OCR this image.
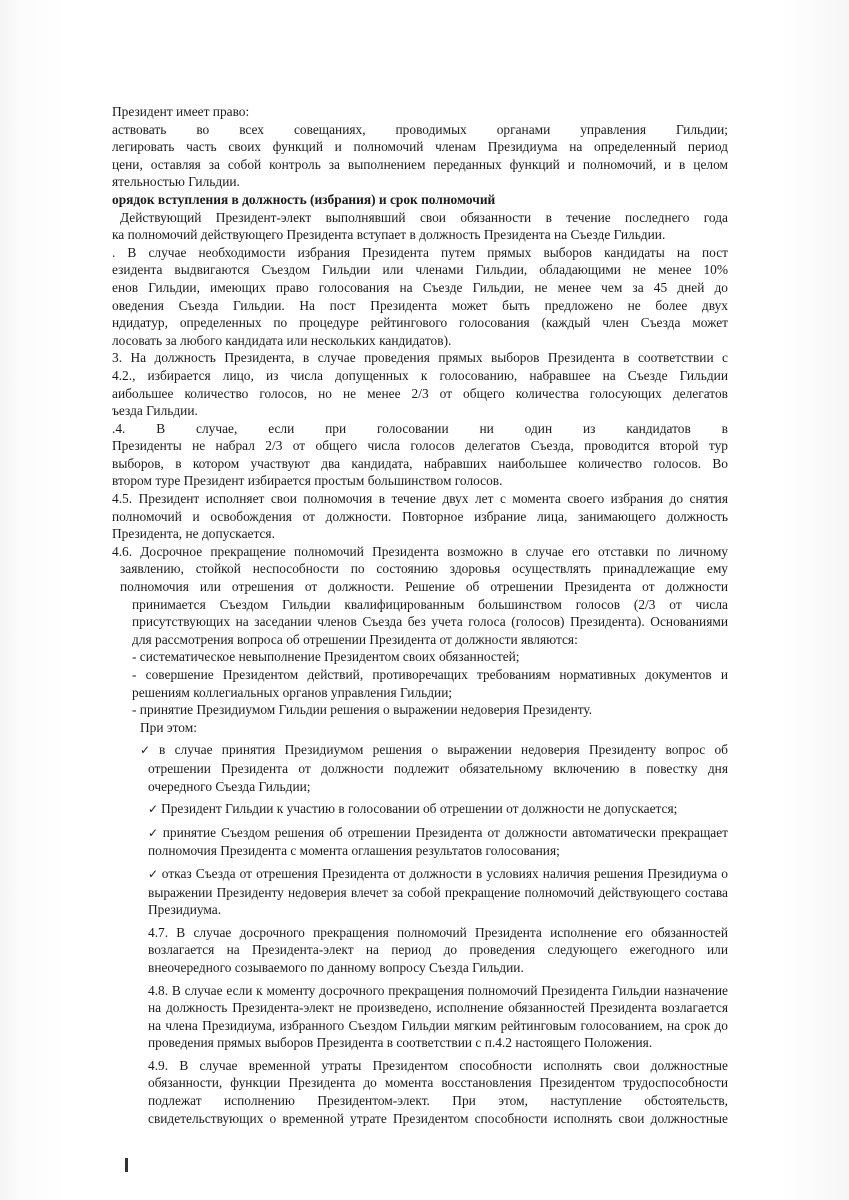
Президент имеет право:
аствовать во всех совещаниях, проводимых органами управления Гильдии;
легировать часть своих функций и полномочий членам Президиума на определенный период
цени, оставляя за собой контроль за выполнением переданных функций и полномочий, и в целом
ятельностью Гильдии.
орядок вступления в должность (избрания) и срок полномочий
Действующий Президент-элект выполнявший свои обязанности в течение последнего года
ка полномочий действующего Президента вступает в должность Президента на Съезде Гильдии.
. В случае необходимости избрания Президента путем прямых выборов кандидаты на пост
езидента выдвигаются Съездом Гильдии или членами Гильдии, обладающими не менее 10%
енов Гильдии, имеющих право голосования на Съезде Гильдии, не менее чем за 45 дней до
оведения Съезда Гильдии. На пост Президента может быть предложено не более двух
ндидатур, определенных по процедуре рейтингового голосования (каждый член Съезда может
лосовать за любого кандидата или нескольких кандидатов).
3. На должность Президента, в случае проведения прямых выборов Президента в соответствии с
4.2., избирается лицо, из числа допущенных к голосованию, набравшее на Съезде Гильдии
аибольшее количество голосов, но не менее 2/3 от общего количества голосующих делегатов
ъезда Гильдии.
.4. В случае, если при голосовании ни один из кандидатов в
Президенты не набрал 2/3 от общего числа голосов делегатов Съезда, проводится второй тур
выборов, в котором участвуют два кандидата, набравших наибольшее количество голосов. Во
втором туре Президент избирается простым большинством голосов.
4.5. Президент исполняет свои полномочия в течение двух лет с момента своего избрания до снятия
полномочий и освобождения от должности. Повторное избрание лица, занимающего должность
Президента, не допускается.
4.6. Досрочное прекращение полномочий Президента возможно в случае его отставки по личному
заявлению, стойкой неспособности по состоянию здоровья осуществлять принадлежащие ему
полномочия или отрешения от должности. Решение об отрешении Президента от должности
принимается Съездом Гильдии квалифицированным большинством голосов (2/3 от числа
присутствующих на заседании членов Съезда без учета голоса (голосов) Президента). Основаниями
для рассмотрения вопроса об отрешении Президента от должности являются:
- систематическое невыполнение Президентом своих обязанностей;
- совершение Президентом действий, противоречащих требованиям нормативных документов и
решениям коллегиальных органов управления Гильдии;
- принятие Президиумом Гильдии решения о выражении недоверия Президенту.
При этом:
✓ в случае принятия Президиумом решения о выражении недоверия Президенту вопрос об
отрешении Президента от должности подлежит обязательному включению в повестку дня
очередного Съезда Гильдии;
✓ Президент Гильдии к участию в голосовании об отрешении от должности не допускается;
✓ принятие Съездом решения об отрешении Президента от должности автоматически прекращает
полномочия Президента с момента оглашения результатов голосования;
✓ отказ Съезда от отрешения Президента от должности в условиях наличия решения Президиума о
выражении Президенту недоверия влечет за собой прекращение полномочий действующего состава
Президиума.
4.7. В случае досрочного прекращения полномочий Президента исполнение его обязанностей
возлагается на Президента-элект на период до проведения следующего ежегодного или
внеочередного созываемого по данному вопросу Съезда Гильдии.
4.8. В случае если к моменту досрочного прекращения полномочий Президента Гильдии назначение
на должность Президента-элект не произведено, исполнение обязанностей Президента возлагается
на члена Президиума, избранного Съездом Гильдии мягким рейтинговым голосованием, на срок до
проведения прямых выборов Президента в соответствии с п.4.2 настоящего Положения.
4.9. В случае временной утраты Президентом способности исполнять свои должностные
обязанности, функции Президента до момента восстановления Президентом трудоспособности
подлежат исполнению Президентом-элект. При этом, наступление обстоятельств,
свидетельствующих о временной утрате Президентом способности исполнять свои должностные
